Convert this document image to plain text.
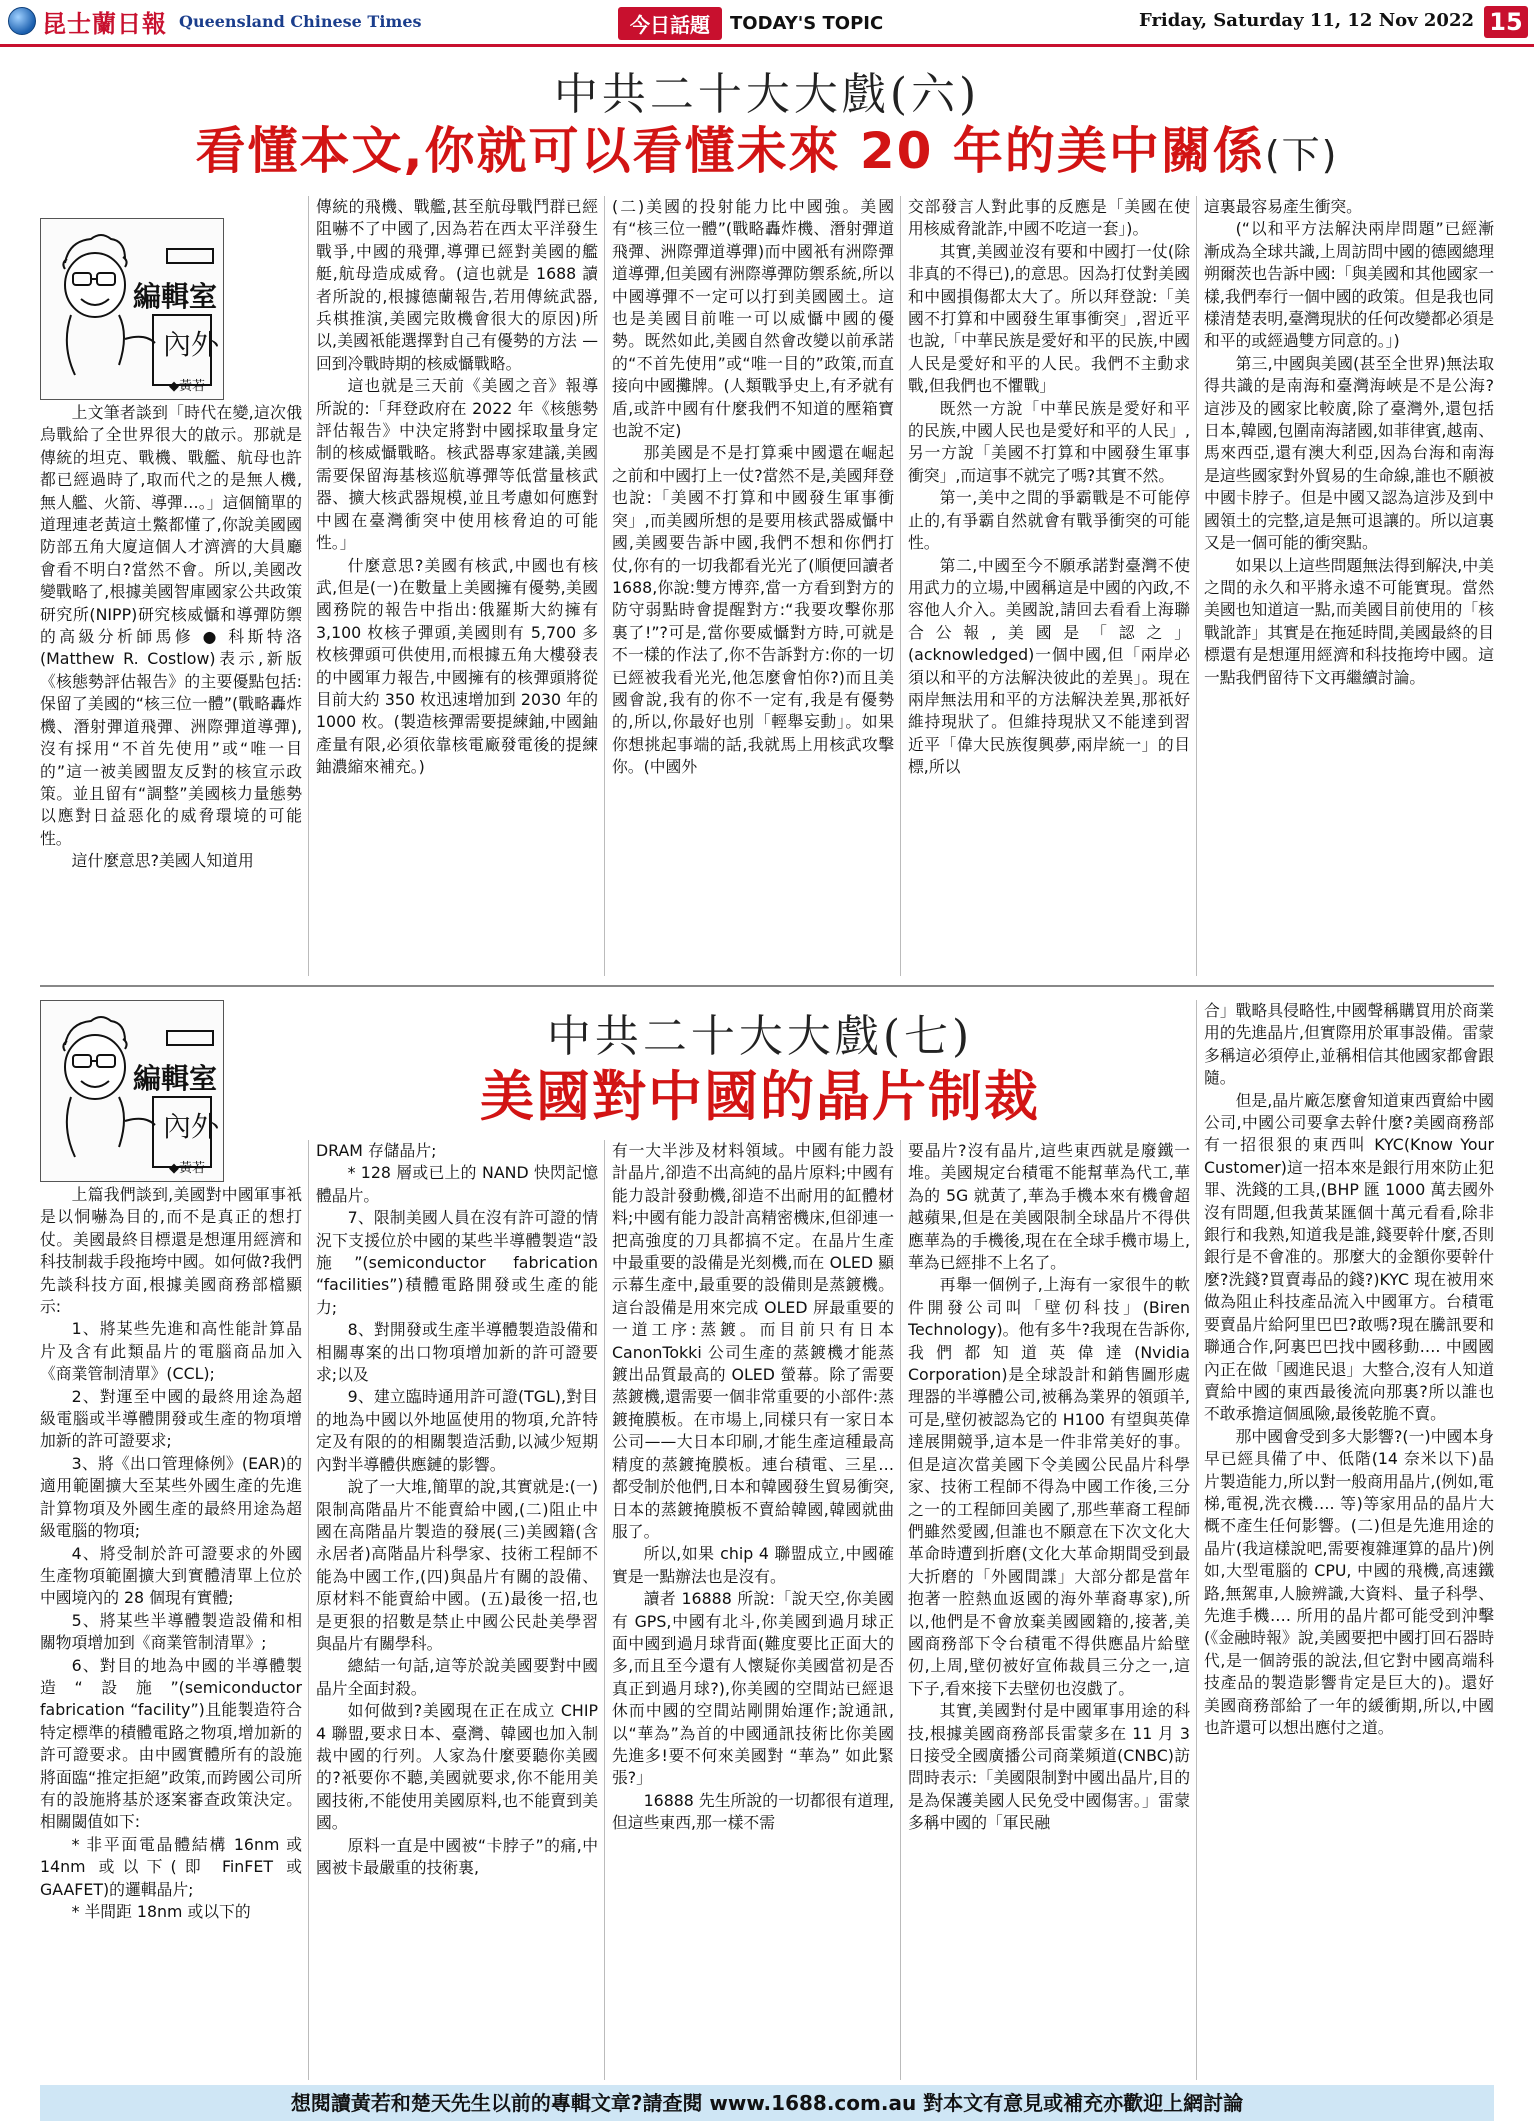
昆士蘭日報 Queensland Chinese Times	今日話題	TODAY'S TOPIC	Friday, Saturday 11, 12 Nov 2022 15
中共二十大大戲(六)
看懂本文,你就可以看懂未來 20 年的美中關係(下)
編輯室
內外
◆黃若

上文筆者談到「時代在變,這次俄烏戰給了全世界很大的啟示。那就是傳統的坦克、戰機、戰艦、航母也許都已經過時了,取而代之的是無人機,無人艦、火箭、導彈…。」這個簡單的道理連老黃這土鱉都懂了,你說美國國防部五角大廈這個人才濟濟的大員廳會看不明白?當然不會。所以,美國改變戰略了,根據美國智庫國家公共政策研究所(NIPP)研究核威懾和導彈防禦的高級分析師馬修 ● 科斯特洛(Matthew R. Costlow)表示,新版《核態勢評估報告》的主要優點包括:保留了美國的“核三位一體”(戰略轟炸機、潛射彈道飛彈、洲際彈道導彈),沒有採用“不首先使用”或“唯一目的”這一被美國盟友反對的核宣示政策。並且留有“調整”美國核力量態勢以應對日益惡化的威脅環境的可能性。

這什麼意思?美國人知道用

傳統的飛機、戰艦,甚至航母戰鬥群已經阻嚇不了中國了,因為若在西太平洋發生戰爭,中國的飛彈,導彈已經對美國的艦艇,航母造成威脅。(這也就是 1688 讀者所說的,根據德蘭報告,若用傳統武器,兵棋推演,美國完敗機會很大的原因)所以,美國衹能選擇對自己有優勢的方法 — 回到冷戰時期的核威懾戰略。

這也就是三天前《美國之音》報導所說的:「拜登政府在 2022 年《核態勢評估報告》中決定將對中國採取量身定制的核威懾戰略。核武器專家建議,美國需要保留海基核巡航導彈等低當量核武器、擴大核武器規模,並且考慮如何應對中國在臺灣衝突中使用核脅迫的可能性。」

什麼意思?美國有核武,中國也有核武,但是(一)在數量上美國擁有優勢,美國國務院的報告中指出:俄羅斯大約擁有 3,100 枚核子彈頭,美國則有 5,700 多枚核彈頭可供使用,而根據五角大樓發表的中國軍力報告,中國擁有的核彈頭將從目前大約 350 枚迅速增加到 2030 年的 1000 枚。(製造核彈需要提練鈾,中國鈾產量有限,必須依靠核電廠發電後的提練鈾濃縮來補充。)

(二)美國的投射能力比中國強。美國有“核三位一體”(戰略轟炸機、潛射彈道飛彈、洲際彈道導彈)而中國衹有洲際彈道導彈,但美國有洲際導彈防禦系統,所以中國導彈不一定可以打到美國國土。這也是美國目前唯一可以威懾中國的優勢。既然如此,美國自然會改變以前承諾的“不首先使用”或“唯一目的”政策,而直接向中國攤牌。(人類戰爭史上,有矛就有盾,或許中國有什麼我們不知道的壓箱寶也說不定)

那美國是不是打算乘中國還在崛起之前和中國打上一仗?當然不是,美國拜登也說:「美國不打算和中國發生軍事衝突」,而美國所想的是要用核武器威懾中國,美國要告訴中國,我們不想和你們打仗,你有的一切我都看光光了(順便回讀者 1688,你說:雙方博弈,當一方看到對方的防守弱點時會提醒對方:“我要攻擊你那裏了!”?可是,當你要威懾對方時,可就是不一樣的作法了,你不告訴對方:你的一切已經被我看光光,他怎麼會怕你?)而且美國會說,我有的你不一定有,我是有優勢的,所以,你最好也別「輕舉妄動」。如果你想挑起事端的話,我就馬上用核武攻擊你。(中國外

交部發言人對此事的反應是「美國在使用核威脅訛詐,中國不吃這一套」)。

其實,美國並沒有要和中國打一仗(除非真的不得已),的意思。因為打仗對美國和中國損傷都太大了。所以拜登說:「美國不打算和中國發生軍事衝突」,習近平也說,「中華民族是愛好和平的民族,中國人民是愛好和平的人民。我們不主動求戰,但我們也不懼戰」

既然一方說「中華民族是愛好和平的民族,中國人民也是愛好和平的人民」,另一方說「美國不打算和中國發生軍事衝突」,而這事不就完了嗎?其實不然。

第一,美中之間的爭霸戰是不可能停止的,有爭霸自然就會有戰爭衝突的可能性。

第二,中國至今不願承諾對臺灣不使用武力的立場,中國稱這是中國的內政,不容他人介入。美國說,請回去看看上海聯合公報,美國是「認之」(acknowledged)一個中國,但「兩岸必須以和平的方法解決彼此的差異」。現在兩岸無法用和平的方法解決差異,那祇好維持現狀了。但維持現狀又不能達到習近平「偉大民族復興夢,兩岸統一」的目標,所以

這裏最容易產生衝突。

(“以和平方法解決兩岸問題”已經漸漸成為全球共識,上周訪問中國的德國總理朔爾茨也告訴中國:「與美國和其他國家一樣,我們奉行一個中國的政策。但是我也同樣清楚表明,臺灣現狀的任何改變都必須是和平的或經過雙方同意的。」)

第三,中國與美國(甚至全世界)無法取得共識的是南海和臺灣海峽是不是公海?這涉及的國家比較廣,除了臺灣外,還包括日本,韓國,包圍南海諸國,如菲律賓,越南、馬來西亞,還有澳大利亞,因為台海和南海是這些國家對外貿易的生命線,誰也不願被中國卡脖子。但是中國又認為這涉及到中國領土的完整,這是無可退讓的。所以這裏又是一個可能的衝突點。

如果以上這些問題無法得到解決,中美之間的永久和平將永遠不可能實現。當然美國也知道這一點,而美國目前使用的「核戰訛詐」其實是在拖延時間,美國最終的目標還有是想運用經濟和科技拖垮中國。這一點我們留待下文再繼續討論。

中共二十大大戲(七)
美國對中國的晶片制裁
編輯室
內外
◆黃若

上篇我們談到,美國對中國軍事衹是以恫嚇為目的,而不是真正的想打仗。美國最終目標還是想運用經濟和科技制裁手段拖垮中國。如何做?我們先談科技方面,根據美國商務部檔顯示:

1、將某些先進和高性能計算晶片及含有此類晶片的電腦商品加入《商業管制清單》(CCL);

2、對運至中國的最終用途為超級電腦或半導體開發或生產的物項增加新的許可證要求;

3、將《出口管理條例》(EAR)的適用範圍擴大至某些外國生產的先進計算物項及外國生產的最終用途為超級電腦的物項;

4、將受制於許可證要求的外國生產物項範圍擴大到實體清單上位於中國境內的 28 個現有實體;

5、將某些半導體製造設備和相關物項增加到《商業管制清單》;

6、對目的地為中國的半導體製造“設施”(semiconductor fabrication “facility”)且能製造符合特定標準的積體電路之物項,增加新的許可證要求。由中國實體所有的設施將面臨“推定拒絕”政策,而跨國公司所有的設施將基於逐案審查政策決定。相關閾值如下:

* 非平面電晶體結構 16nm 或 14nm 或以下(即 FinFET 或 GAAFET)的邏輯晶片;

* 半間距 18nm 或以下的

DRAM 存儲晶片;

* 128 層或已上的 NAND 快閃記憶體晶片。

7、限制美國人員在沒有許可證的情況下支援位於中國的某些半導體製造“設施”(semiconductor fabrication “facilities”)積體電路開發或生產的能力;

8、對開發或生產半導體製造設備和相關專案的出口物項增加新的許可證要求;以及

9、建立臨時通用許可證(TGL),對目的地為中國以外地區使用的物項,允許特定及有限的的相關製造活動,以減少短期內對半導體供應鏈的影響。

說了一大堆,簡單的說,其實就是:(一)限制高階晶片不能賣給中國,(二)阻止中國在高階晶片製造的發展(三)美國籍(含永居者)高階晶片科學家、技術工程師不能為中國工作,(四)與晶片有關的設備、原材料不能賣給中國。(五)最後一招,也是更狠的招數是禁止中國公民赴美學習與晶片有關學科。

總結一句話,這等於說美國要對中國晶片全面封殺。

如何做到?美國現在正在成立 CHIP 4 聯盟,要求日本、臺灣、韓國也加入制裁中國的行列。人家為什麼要聽你美國的?衹要你不聽,美國就要求,你不能用美國技術,不能使用美國原料,也不能賣到美國。

原料一直是中國被“卡脖子”的痛,中國被卡最嚴重的技術裏,

有一大半涉及材料領域。中國有能力設計晶片,卻造不出高純的晶片原料;中國有能力設計發動機,卻造不出耐用的缸體材料;中國有能力設計高精密機床,但卻連一把高強度的刀具都搞不定。在晶片生產中最重要的設備是光刻機,而在 OLED 顯示幕生產中,最重要的設備則是蒸鍍機。這台設備是用來完成 OLED 屏最重要的一道工序:蒸鍍。而目前只有日本 CanonTokki 公司生產的蒸鍍機才能蒸鍍出品質最高的 OLED 螢幕。除了需要蒸鍍機,還需要一個非常重要的小部件:蒸鍍掩膜板。在市場上,同樣只有一家日本公司——大日本印刷,才能生產這種最高精度的蒸鍍掩膜板。連台積電、三星… 都受制於他們,日本和韓國發生貿易衝突,日本的蒸鍍掩膜板不賣給韓國,韓國就曲服了。

所以,如果 chip 4 聯盟成立,中國確實是一點辦法也是沒有。

讀者 16888 所說:「說天空,你美國有 GPS,中國有北斗,你美國到過月球正面中國到過月球背面(難度要比正面大的多,而且至今還有人懷疑你美國當初是否真正到過月球?),你美國的空間站已經退休而中國的空間站剛開始運作;說通訊,以“華為”為首的中國通訊技術比你美國先進多!要不何來美國對 “華為” 如此緊張?」

16888 先生所說的一切都很有道理,但這些東西,那一樣不需

要晶片?沒有晶片,這些東西就是廢鐵一堆。美國規定台積電不能幫華為代工,華為的 5G 就黃了,華為手機本來有機會超越蘋果,但是在美國限制全球晶片不得供應華為的手機後,現在在全球手機市場上,華為已經排不上名了。

再舉一個例子,上海有一家很牛的軟件開發公司叫「壁仞科技」(Biren Technology)。他有多牛?我現在告訴你,我們都知道英偉達(Nvidia Corporation)是全球設計和銷售圖形處理器的半導體公司,被稱為業界的領頭羊,可是,壁仞被認為它的 H100 有望與英偉達展開競爭,這本是一件非常美好的事。但是這次當美國下令美國公民晶片科學家、技術工程師不得為中國工作後,三分之一的工程師回美國了,那些華裔工程師們雖然愛國,但誰也不願意在下次文化大革命時遭到折磨(文化大革命期間受到最大折磨的「外國間諜」大部分都是當年抱著一腔熱血返國的海外華裔專家),所以,他們是不會放棄美國國籍的,接著,美國商務部下令台積電不得供應晶片給壁仞,上周,壁仞被好宣佈裁員三分之一,這下子,看來接下去壁仞也沒戲了。

其實,美國對付是中國軍事用途的科技,根據美國商務部長雷蒙多在 11 月 3 日接受全國廣播公司商業頻道(CNBC)訪問時表示:「美國限制對中國出晶片,目的是為保護美國人民免受中國傷害。」雷蒙多稱中國的「軍民融

合」戰略具侵略性,中國聲稱購買用於商業用的先進晶片,但實際用於軍事設備。雷蒙多稱這必須停止,並稱相信其他國家都會跟隨。

但是,晶片廠怎麼會知道東西賣給中國公司,中國公司要拿去幹什麼?美國商務部有一招很狠的東西叫 KYC(Know Your Customer)這一招本來是銀行用來防止犯罪、洗錢的工具,(BHP 匯 1000 萬去國外沒有問題,但我黃某匯個十萬元看看,除非銀行和我熟,知道我是誰,錢要幹什麼,否則銀行是不會准的。那麼大的金額你要幹什麼?洗錢?買賣毒品的錢?)KYC 現在被用來做為阻止科技產品流入中國軍方。台積電要賣晶片給阿里巴巴?敢嗎?現在騰訊要和聯通合作,阿裏巴巴找中國移動…. 中國國內正在做「國進民退」大整合,沒有人知道賣給中國的東西最後流向那裏?所以誰也不敢承擔這個風險,最後乾脆不賣。

那中國會受到多大影響?(一)中國本身早已經具備了中、低階(14 奈米以下)晶片製造能力,所以對一般商用晶片,(例如,電梯,電視,洗衣機…. 等)等家用品的晶片大概不產生任何影響。(二)但是先進用途的晶片(我這樣說吧,需要複雜運算的晶片)例如,大型電腦的 CPU, 中國的飛機,高速鐵路,無駕車,人臉辨識,大資料、量子科學、先進手機…. 所用的晶片都可能受到沖擊(《金融時報》說,美國要把中國打回石器時代,是一個誇張的說法,但它對中國高端科技產品的製造影響肯定是巨大的)。還好美國商務部給了一年的緩衝期,所以,中國也許還可以想出應付之道。

想閱讀黃若和楚天先生以前的專輯文章?請查閱 www.1688.com.au 對本文有意見或補充亦歡迎上網討論
